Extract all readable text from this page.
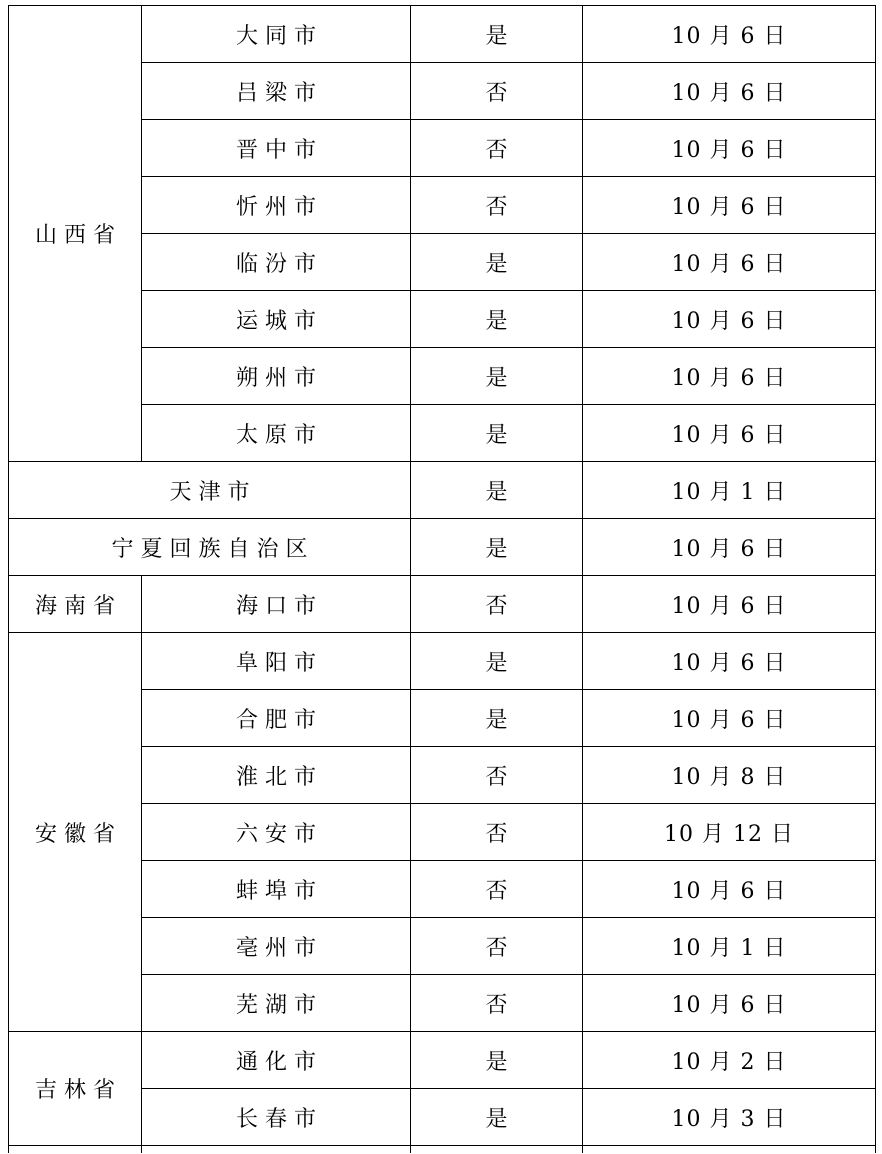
山西省	大同市	是	10 月 6 日
	吕梁市	否	10 月 6 日
	晋中市	否	10 月 6 日
	忻州市	否	10 月 6 日
	临汾市	是	10 月 6 日
	运城市	是	10 月 6 日
	朔州市	是	10 月 6 日
	太原市	是	10 月 6 日
天津市		是	10 月 1 日
宁夏回族自治区		是	10 月 6 日
海南省	海口市	否	10 月 6 日
安徽省	阜阳市	是	10 月 6 日
	合肥市	是	10 月 6 日
	淮北市	否	10 月 8 日
	六安市	否	10 月 12 日
	蚌埠市	否	10 月 6 日
	亳州市	否	10 月 1 日
	芜湖市	否	10 月 6 日
吉林省	通化市	是	10 月 2 日
	长春市	是	10 月 3 日
